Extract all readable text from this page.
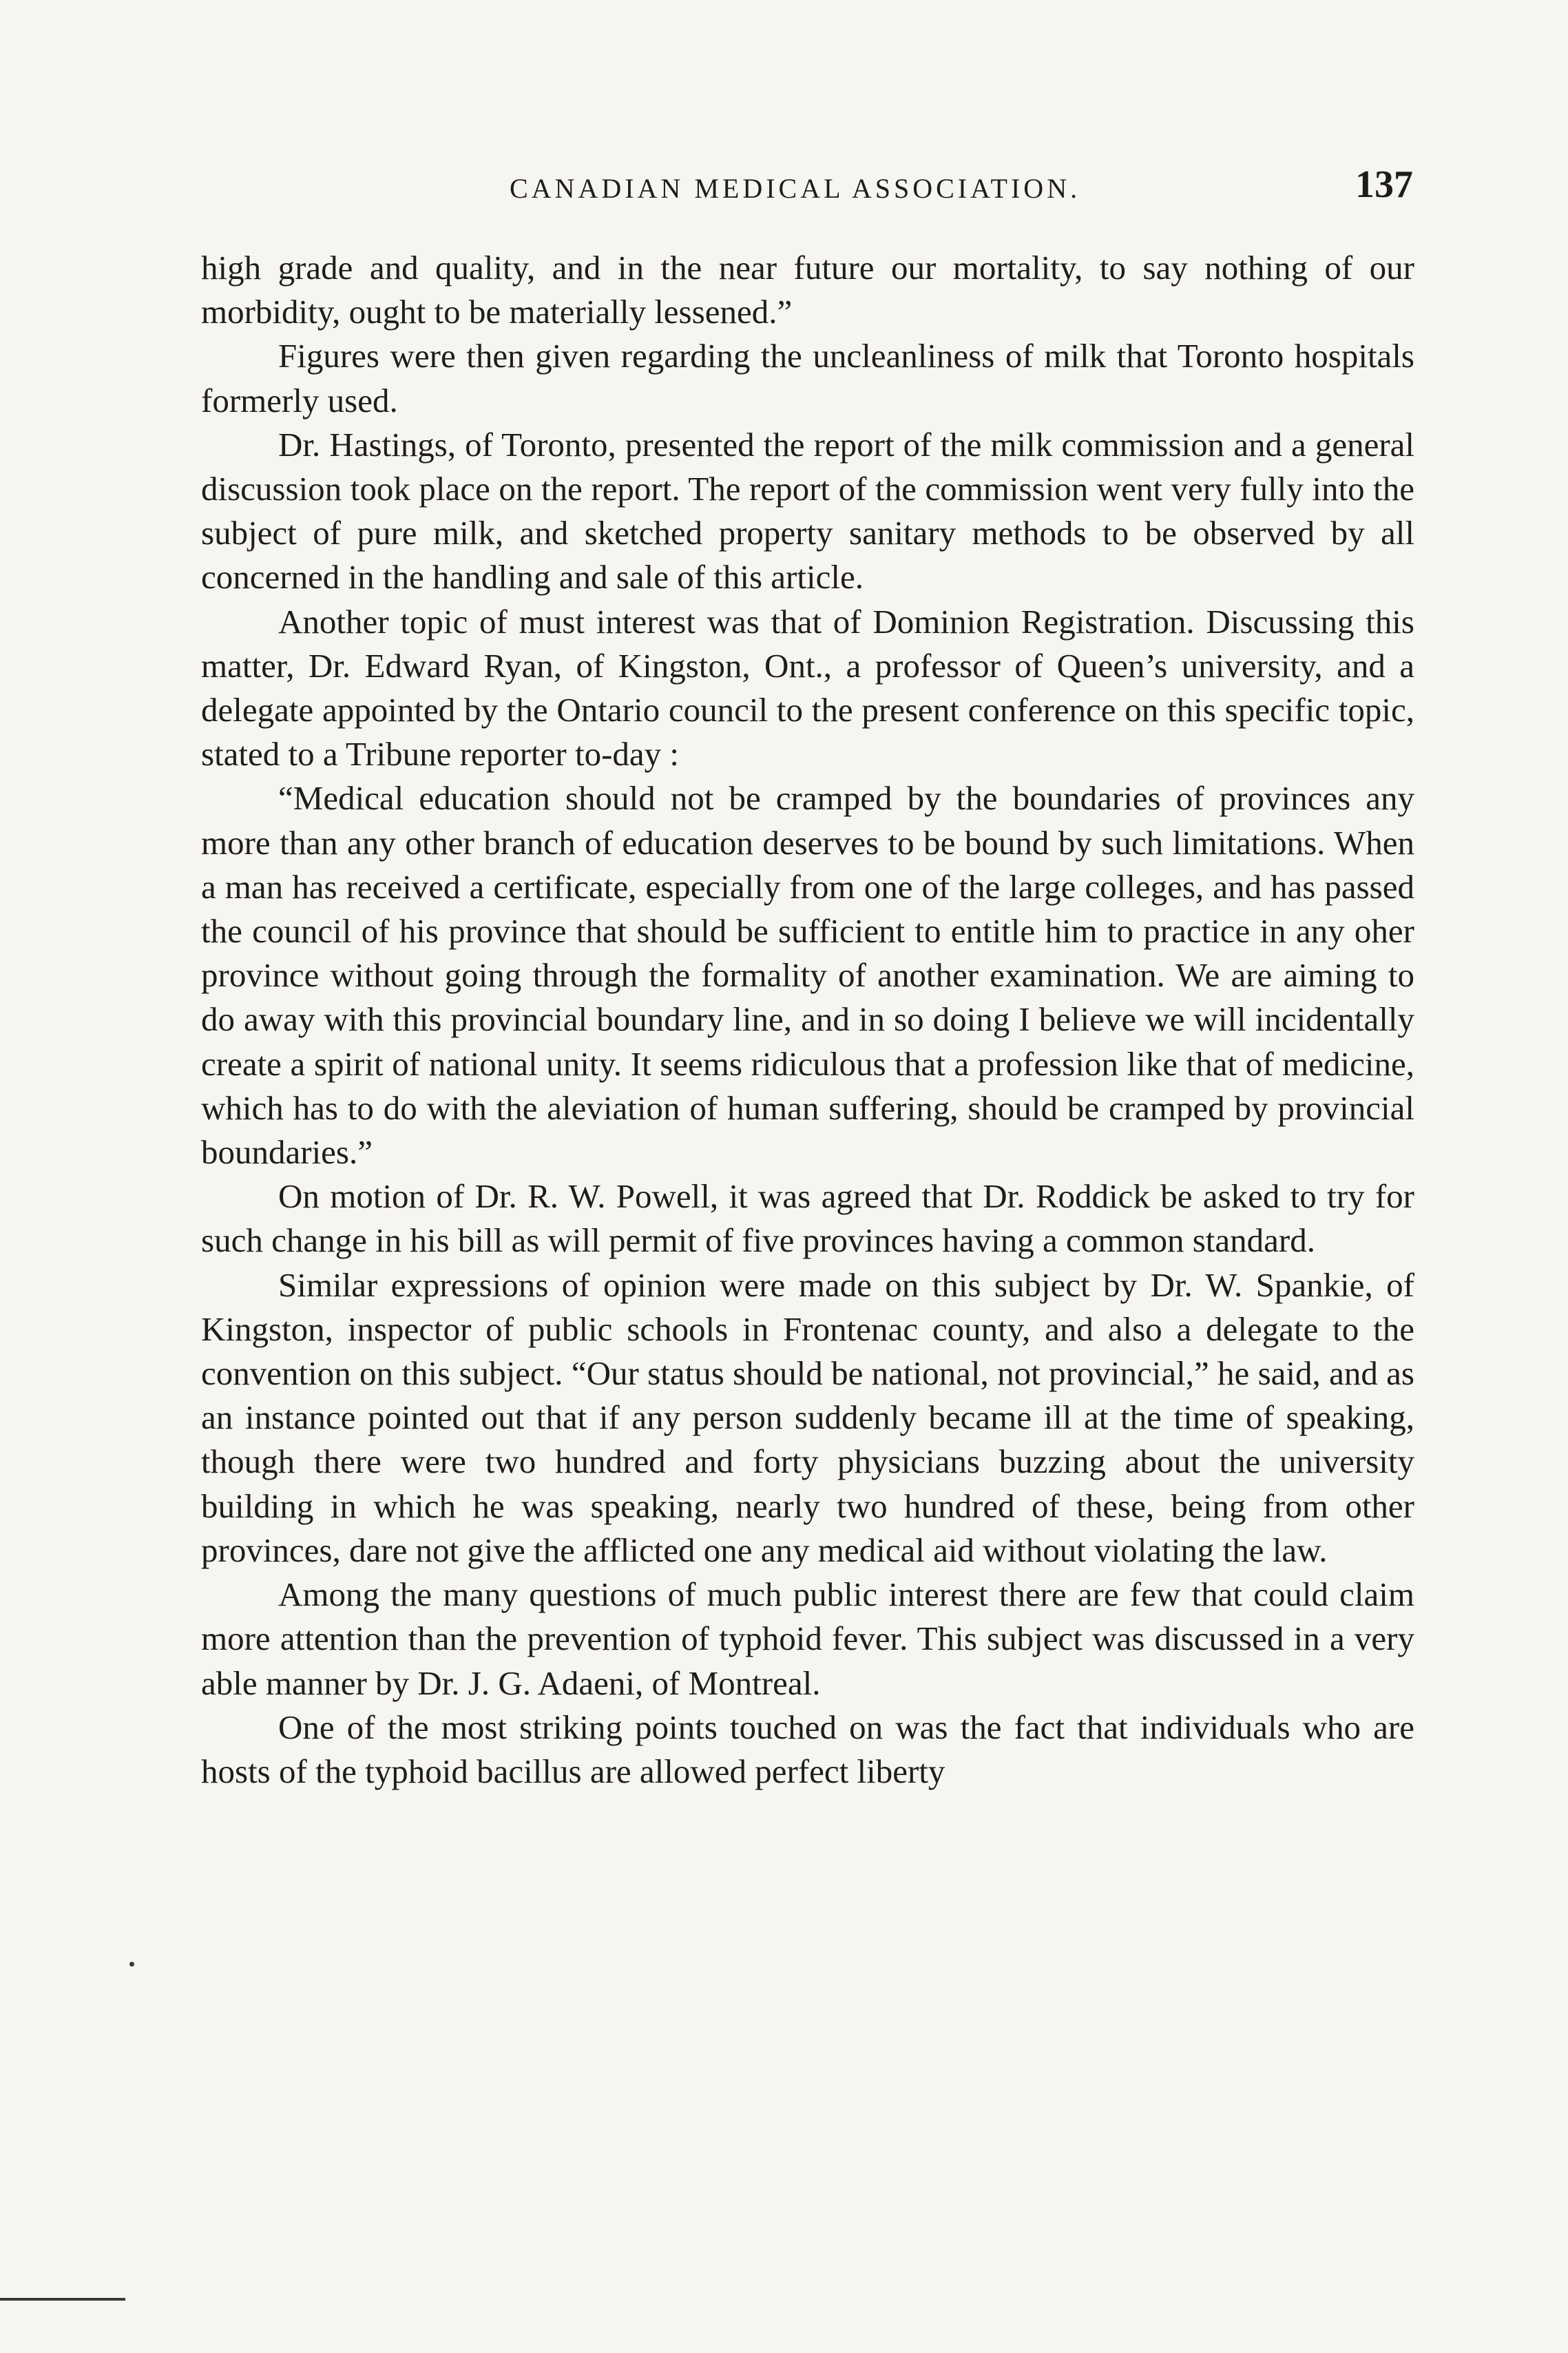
CANADIAN MEDICAL ASSOCIATION.	137

high grade and quality, and in the near future our mortality, to say nothing of our morbidity, ought to be materially lessened.”

Figures were then given regarding the uncleanliness of milk that Toronto hospitals formerly used.

Dr. Hastings, of Toronto, presented the report of the milk commission and a general discussion took place on the report. The report of the commission went very fully into the subject of pure milk, and sketched property sanitary methods to be observed by all concerned in the handling and sale of this article.

Another topic of must interest was that of Dominion Registration. Discussing this matter, Dr. Edward Ryan, of Kingston, Ont., a professor of Queen’s university, and a delegate appointed by the Ontario council to the present conference on this specific topic, stated to a Tribune reporter to-day :

“Medical education should not be cramped by the boundaries of provinces any more than any other branch of education deserves to be bound by such limitations. When a man has received a certificate, especially from one of the large colleges, and has passed the council of his province that should be sufficient to entitle him to practice in any oher province without going through the formality of another examination. We are aiming to do away with this provincial boundary line, and in so doing I believe we will incidentally create a spirit of national unity. It seems ridiculous that a profession like that of medicine, which has to do with the aleviation of human suffering, should be cramped by provincial boundaries.”

On motion of Dr. R. W. Powell, it was agreed that Dr. Roddick be asked to try for such change in his bill as will permit of five provinces having a common standard.

Similar expressions of opinion were made on this subject by Dr. W. Spankie, of Kingston, inspector of public schools in Frontenac county, and also a delegate to the convention on this subject. “Our status should be national, not provincial,” he said, and as an instance pointed out that if any person suddenly became ill at the time of speaking, though there were two hundred and forty physicians buzzing about the university building in which he was speaking, nearly two hundred of these, being from other provinces, dare not give the afflicted one any medical aid without violating the law.

Among the many questions of much public interest there are few that could claim more attention than the prevention of typhoid fever. This subject was discussed in a very able manner by Dr. J. G. Adaeni, of Montreal.

One of the most striking points touched on was the fact that individuals who are hosts of the typhoid bacillus are allowed perfect liberty
